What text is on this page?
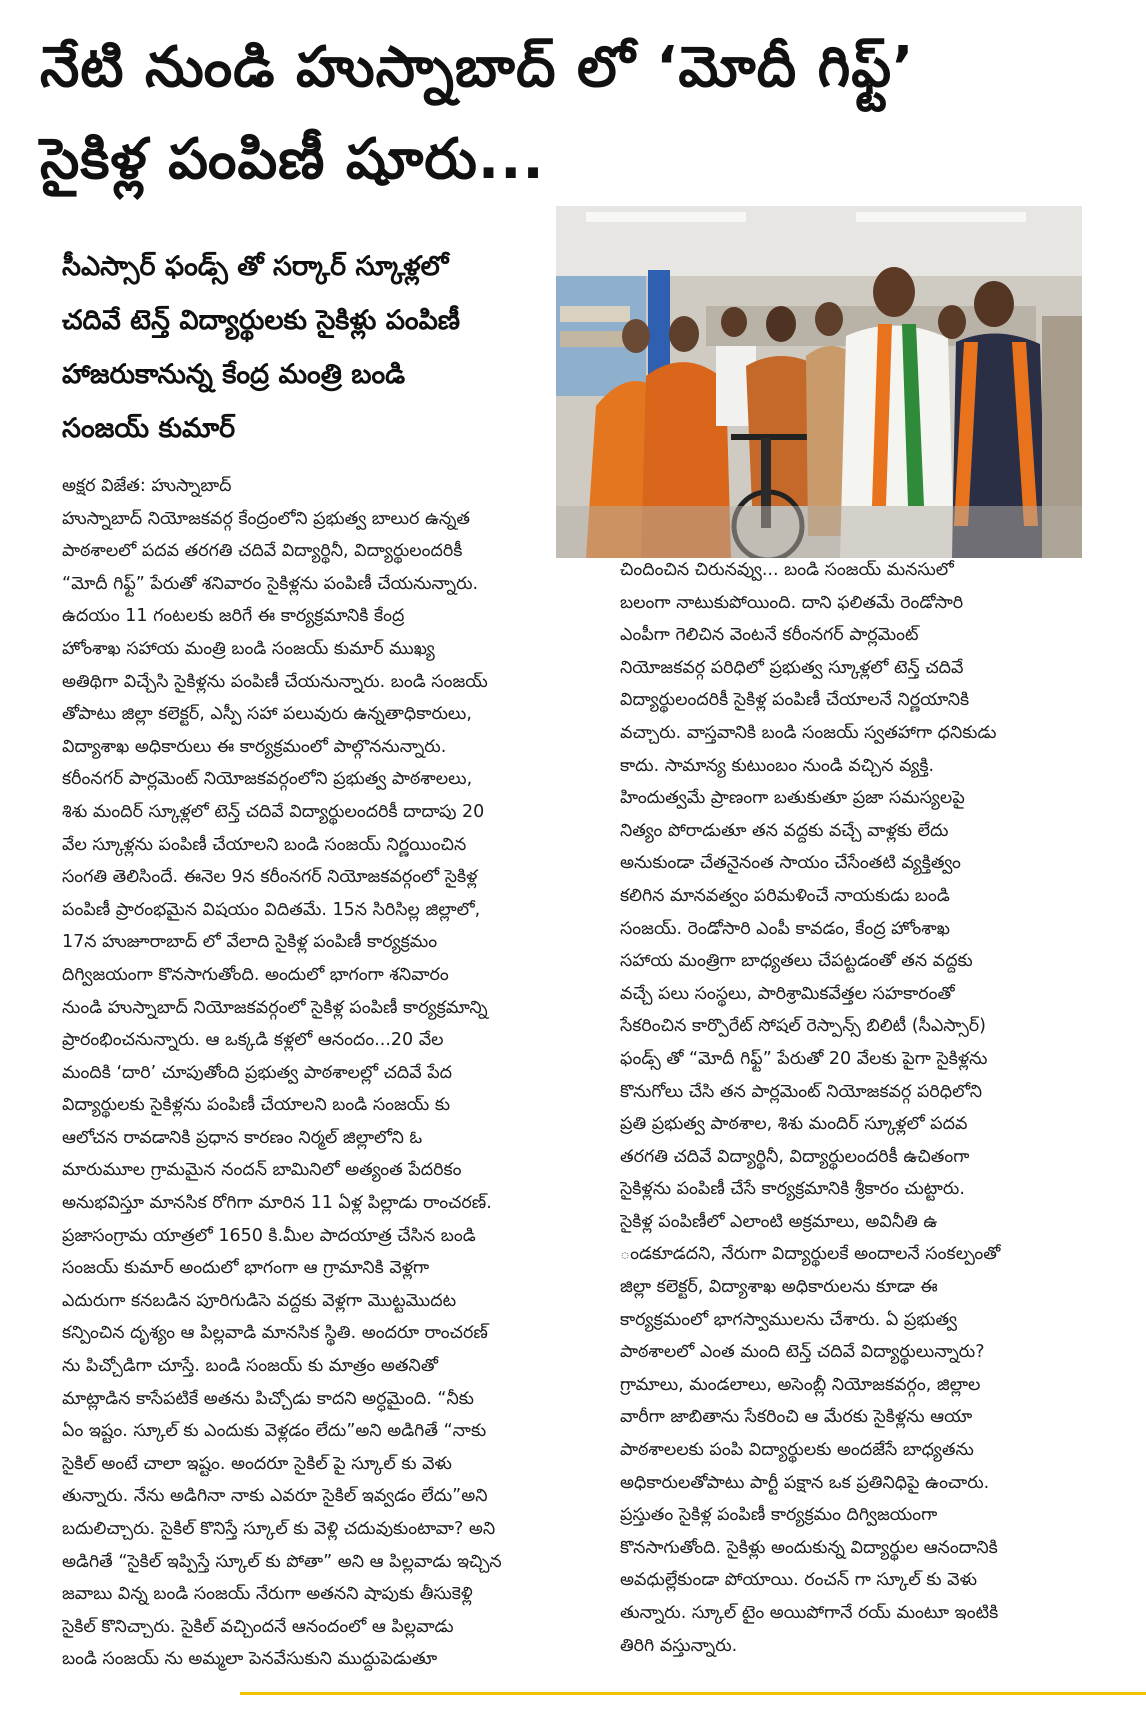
నేటి నుండి హుస్నాబాద్ లో ‘మోదీ గిఫ్ట్’
సైకిళ్ల పంపిణీ షూరు...
సీఎస్సార్ ఫండ్స్ తో సర్కార్ స్కూళ్లలో
చదివే టెన్త్ విద్యార్థులకు సైకిళ్లు పంపిణీ
హాజరుకానున్న కేంద్ర మంత్రి బండి
సంజయ్ కుమార్
అక్షర విజేత: హుస్నాబాద్
హుస్నాబాద్ నియోజకవర్గ కేంద్రంలోని ప్రభుత్వ బాలుర ఉన్నత
పాఠశాలలో పదవ తరగతి చదివే విద్యార్థినీ, విద్యార్థులందరికీ
“మోదీ గిఫ్ట్” పేరుతో శనివారం సైకిళ్లను పంపిణీ చేయనున్నారు.
ఉదయం 11 గంటలకు జరిగే ఈ కార్యక్రమానికి కేంద్ర
హోంశాఖ సహాయ మంత్రి బండి సంజయ్ కుమార్ ముఖ్య
అతిథిగా విచ్చేసి సైకిళ్లను పంపిణీ చేయనున్నారు. బండి సంజయ్
తోపాటు జిల్లా కలెక్టర్, ఎస్పీ సహా పలువురు ఉన్నతాధికారులు,
విద్యాశాఖ అధికారులు ఈ కార్యక్రమంలో పాల్గొననున్నారు.
కరీంనగర్ పార్లమెంట్ నియోజకవర్గంలోని ప్రభుత్వ పాఠశాలలు,
శిశు మందిర్ స్కూళ్లలో టెన్త్ చదివే విద్యార్థులందరికీ దాదాపు 20
వేల స్కూళ్లను పంపిణీ చేయాలని బండి సంజయ్ నిర్ణయించిన
సంగతి తెలిసిందే. ఈనెల 9న కరీంనగర్ నియోజకవర్గంలో సైకిళ్ల
పంపిణీ ప్రారంభమైన విషయం విదితమే. 15న సిరిసిల్ల జిల్లాలో,
17న హుజూరాబాద్ లో వేలాది సైకిళ్ల పంపిణీ కార్యక్రమం
దిగ్విజయంగా కొనసాగుతోంది. అందులో భాగంగా శనివారం
నుండి హుస్నాబాద్ నియోజకవర్గంలో సైకిళ్ల పంపిణీ కార్యక్రమాన్ని
ప్రారంభించనున్నారు. ఆ ఒక్కడి కళ్లలో ఆనందం...20 వేల
మందికి ‘దారి’ చూపుతోంది ప్రభుత్వ పాఠశాలల్లో చదివే పేద
విద్యార్థులకు సైకిళ్లను పంపిణీ చేయాలని బండి సంజయ్ కు
ఆలోచన రావడానికి ప్రధాన కారణం నిర్మల్ జిల్లాలోని ఓ
మారుమూల గ్రామమైన నందన్ బామినిలో అత్యంత పేదరికం
అనుభవిస్తూ మానసిక రోగిగా మారిన 11 ఏళ్ల పిల్లాడు రాంచరణ్.
ప్రజాసంగ్రామ యాత్రలో 1650 కి.మీల పాదయాత్ర చేసిన బండి
సంజయ్ కుమార్ అందులో భాగంగా ఆ గ్రామానికి వెళ్లగా
ఎదురుగా కనబడిన పూరిగుడిసె వద్దకు వెళ్లగా మొట్టమొదట
కన్పించిన దృశ్యం ఆ పిల్లవాడి మానసిక స్థితి. అందరూ రాంచరణ్
ను పిచ్చోడిగా చూస్తే. బండి సంజయ్ కు మాత్రం అతనితో
మాట్లాడిన కాసేపటికే అతను పిచ్చోడు కాదని అర్ధమైంది. “నీకు
ఏం ఇష్టం. స్కూల్ కు ఎందుకు వెళ్లడం లేదు”అని అడిగితే “నాకు
సైకిల్ అంటే చాలా ఇష్టం. అందరూ సైకిల్ పై స్కూల్ కు వెళు
తున్నారు. నేను అడిగినా నాకు ఎవరూ సైకిల్ ఇవ్వడం లేదు”అని
బదులిచ్చారు. సైకిల్ కొనిస్తే స్కూల్ కు వెళ్లి చదువుకుంటావా? అని
అడిగితే “సైకిల్ ఇప్పిస్తే స్కూల్ కు పోతా” అని ఆ పిల్లవాడు ఇచ్చిన
జవాబు విన్న బండి సంజయ్ నేరుగా అతనని షాపుకు తీసుకెళ్లి
సైకిల్ కొనిచ్చారు. సైకిల్ వచ్చిందనే ఆనందంలో ఆ పిల్లవాడు
బండి సంజయ్ ను అమ్మలా పెనవేసుకుని ముద్దుపెడుతూ
చిందించిన చిరునవ్వు... బండి సంజయ్ మనసులో
బలంగా నాటుకుపోయింది. దాని ఫలితమే రెండోసారి
ఎంపీగా గెలిచిన వెంటనే కరీంనగర్ పార్లమెంట్
నియోజకవర్గ పరిధిలో ప్రభుత్వ స్కూళ్లలో టెన్త్ చదివే
విద్యార్థులందరికీ సైకిళ్ల పంపిణీ చేయాలనే నిర్ణయానికి
వచ్చారు. వాస్తవానికి బండి సంజయ్ స్వతహాగా ధనికుడు
కాదు. సామాన్య కుటుంబం నుండి వచ్చిన వ్యక్తి.
హిందుత్వమే ప్రాణంగా బతుకుతూ ప్రజా సమస్యలపై
నిత్యం పోరాడుతూ తన వద్దకు వచ్చే వాళ్లకు లేదు
అనుకుండా చేతనైనంత సాయం చేసేంతటి వ్యక్తిత్వం
కలిగిన మానవత్వం పరిమళించే నాయకుడు బండి
సంజయ్. రెండోసారి ఎంపీ కావడం, కేంద్ర హోంశాఖ
సహాయ మంత్రిగా బాధ్యతలు చేపట్టడంతో తన వద్దకు
వచ్చే పలు సంస్థలు, పారిశ్రామికవేత్తల సహకారంతో
సేకరించిన కార్పొరేట్ సోషల్ రెస్పాన్స్ బిలిటీ (సీఎస్సార్)
ఫండ్స్ తో “మోదీ గిఫ్ట్” పేరుతో 20 వేలకు పైగా సైకిళ్లను
కొనుగోలు చేసి తన పార్లమెంట్ నియోజకవర్గ పరిధిలోని
ప్రతి ప్రభుత్వ పాఠశాల, శిశు మందిర్ స్కూళ్లలో పదవ
తరగతి చదివే విద్యార్థినీ, విద్యార్థులందరికీ ఉచితంగా
సైకిళ్లను పంపిణీ చేసే కార్యక్రమానికి శ్రీకారం చుట్టారు.
సైకిళ్ల పంపిణీలో ఎలాంటి అక్రమాలు, అవినీతి ఉ
ండకూడదని, నేరుగా విద్యార్థులకే అందాలనే సంకల్పంతో
జిల్లా కలెక్టర్, విద్యాశాఖ అధికారులను కూడా ఈ
కార్యక్రమంలో భాగస్వాములను చేశారు. ఏ ప్రభుత్వ
పాఠశాలలో ఎంత మంది టెన్త్ చదివే విద్యార్థులున్నారు?
గ్రామాలు, మండలాలు, అసెంబ్లీ నియోజకవర్గం, జిల్లాల
వారీగా జాబితాను సేకరించి ఆ మేరకు సైకిళ్లను ఆయా
పాఠశాలలకు పంపి విద్యార్థులకు అందజేసే బాధ్యతను
అధికారులతోపాటు పార్టీ పక్షాన ఒక ప్రతినిధిపై ఉంచారు.
ప్రస్తుతం సైకిళ్ల పంపిణీ కార్యక్రమం దిగ్విజయంగా
కొనసాగుతోంది. సైకిళ్లు అందుకున్న విద్యార్థుల ఆనందానికి
అవధుల్లేకుండా పోయాయి. రంచన్ గా స్కూల్ కు వెళు
తున్నారు. స్కూల్ టైం అయిపోగానే రయ్ మంటూ ఇంటికి
తిరిగి వస్తున్నారు.
